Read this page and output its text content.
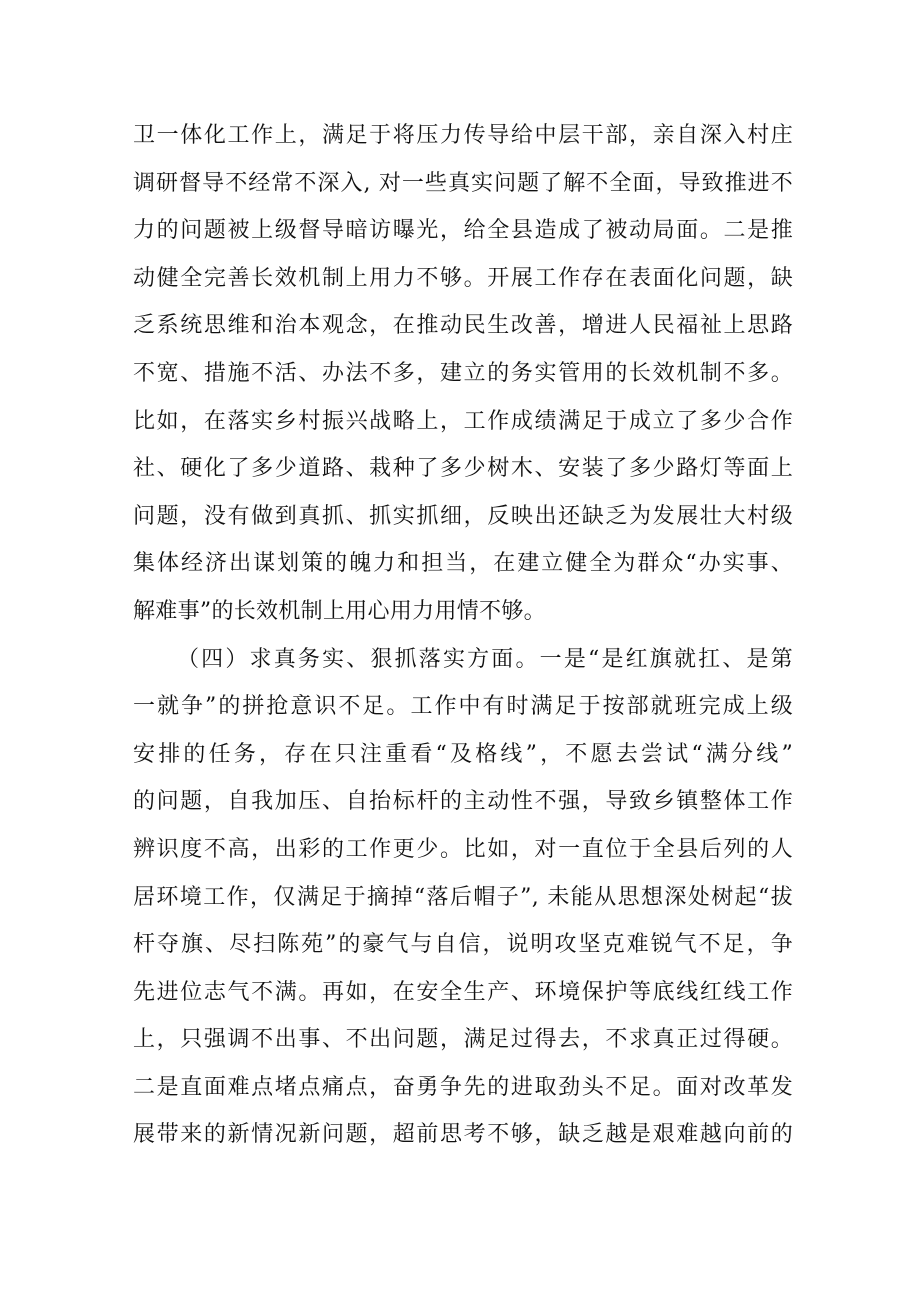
卫一体化工作上，满足于将压力传导给中层干部，亲自深入村庄
调研督导不经常不深入, 对一些真实问题了解不全面，导致推进不
力的问题被上级督导暗访曝光，给全县造成了被动局面。二是推
动健全完善长效机制上用力不够。开展工作存在表面化问题，缺
乏系统思维和治本观念，在推动民生改善，增进人民福祉上思路
不宽、措施不活、办法不多，建立的务实管用的长效机制不多。
比如，在落实乡村振兴战略上，工作成绩满足于成立了多少合作
社、硬化了多少道路、栽种了多少树木、安装了多少路灯等面上
问题，没有做到真抓、抓实抓细，反映出还缺乏为发展壮大村级
集体经济出谋划策的魄力和担当，在建立健全为群众“办实事、
解难事”的长效机制上用心用力用情不够。
（四）求真务实、狠抓落实方面。一是“是红旗就扛、是第
一就争”的拼抢意识不足。工作中有时满足于按部就班完成上级
安排的任务，存在只注重看“及格线”，不愿去尝试“满分线”
的问题，自我加压、自抬标杆的主动性不强，导致乡镇整体工作
辨识度不高，出彩的工作更少。比如，对一直位于全县后列的人
居环境工作，仅满足于摘掉“落后帽子”, 未能从思想深处树起“拔
杆夺旗、尽扫陈苑”的豪气与自信，说明攻坚克难锐气不足，争
先进位志气不满。再如，在安全生产、环境保护等底线红线工作
上，只强调不出事、不出问题，满足过得去，不求真正过得硬。
二是直面难点堵点痛点，奋勇争先的进取劲头不足。面对改革发
展带来的新情况新问题，超前思考不够，缺乏越是艰难越向前的
